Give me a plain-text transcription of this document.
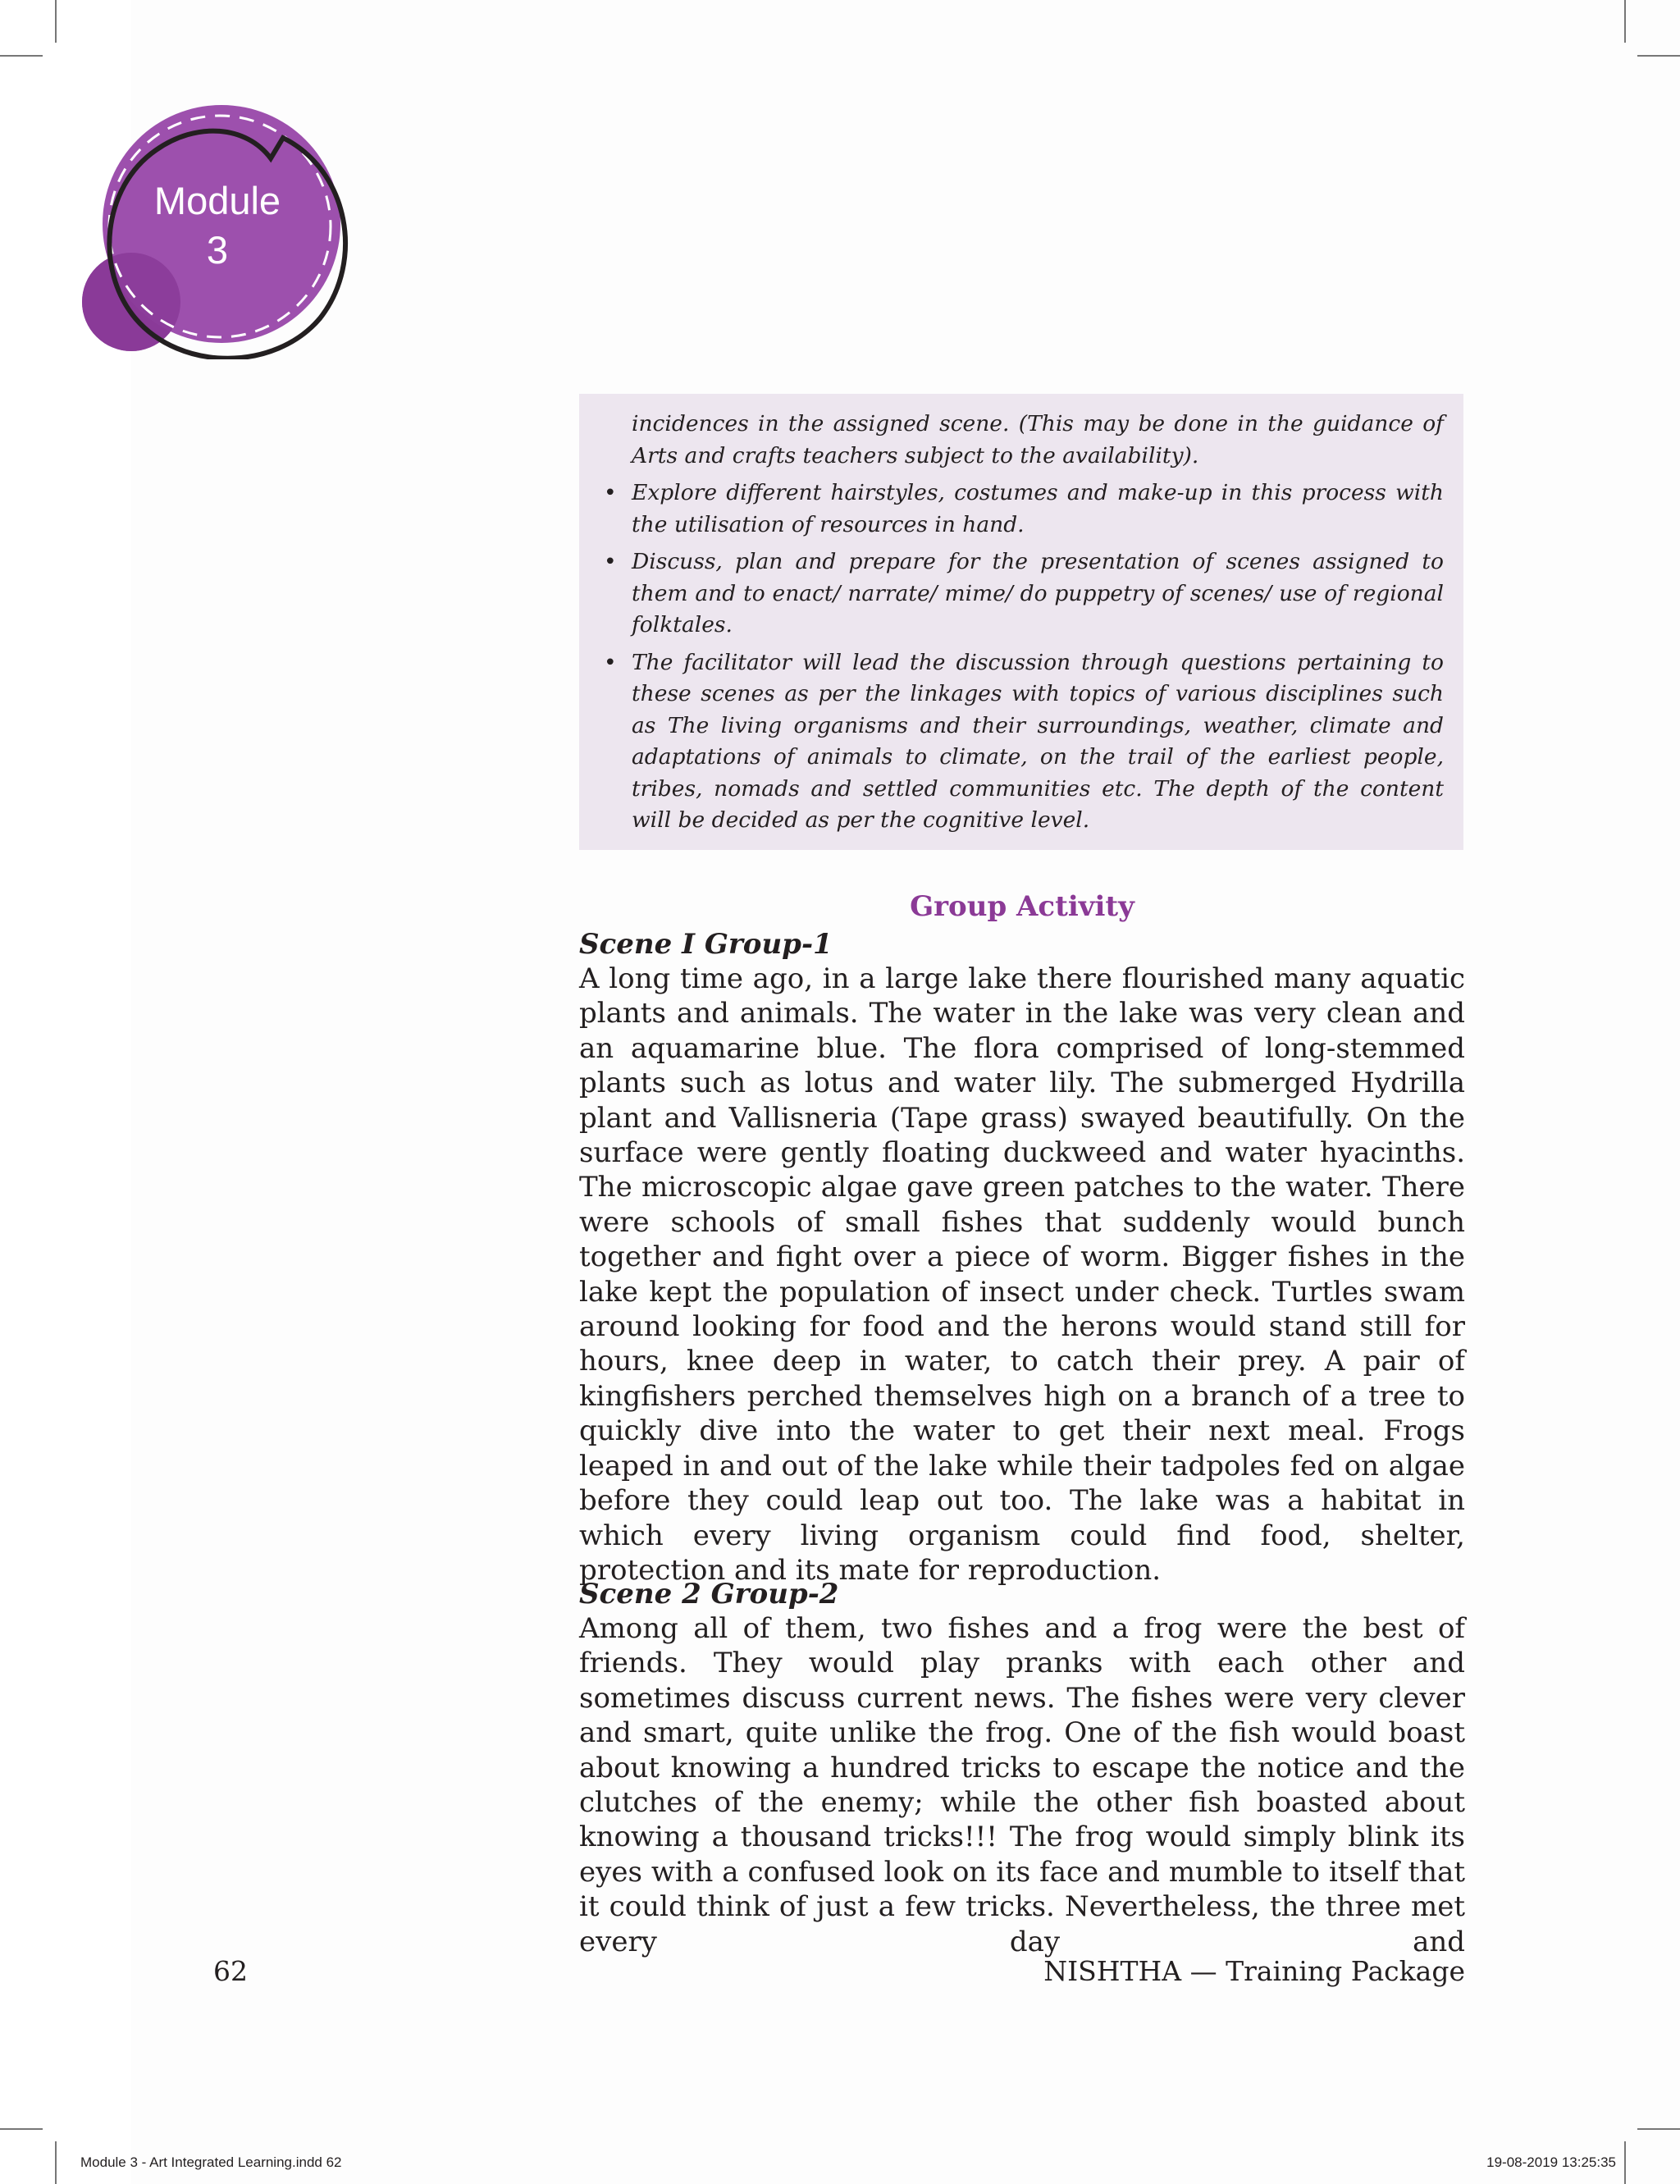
Module
3

incidences in the assigned scene. (This may be done in the guidance of Arts and crafts teachers subject to the availability).

• Explore different hairstyles, costumes and make-up in this process with the utilisation of resources in hand.
• Discuss, plan and prepare for the presentation of scenes assigned to them and to enact/ narrate/ mime/ do puppetry of scenes/ use of regional folktales.
• The facilitator will lead the discussion through questions pertaining to these scenes as per the linkages with topics of various disciplines such as The living organisms and their surroundings, weather, climate and adaptations of animals to climate, on the trail of the earliest people, tribes, nomads and settled communities etc. The depth of the content will be decided as per the cognitive level.
Group Activity
Scene I Group-1

A long time ago, in a large lake there flourished many aquatic plants and animals. The water in the lake was very clean and an aquamarine blue. The flora comprised of long-stemmed plants such as lotus and water lily. The submerged Hydrilla plant and Vallisneria (Tape grass) swayed beautifully. On the surface were gently floating duckweed and water hyacinths. The microscopic algae gave green patches to the water. There were schools of small fishes that suddenly would bunch together and fight over a piece of worm. Bigger fishes in the lake kept the population of insect under check. Turtles swam around looking for food and the herons would stand still for hours, knee deep in water, to catch their prey. A pair of kingfishers perched themselves high on a branch of a tree to quickly dive into the water to get their next meal. Frogs leaped in and out of the lake while their tadpoles fed on algae before they could leap out too. The lake was a habitat in which every living organism could find food, shelter, protection and its mate for reproduction.

Scene 2 Group-2

Among all of them, two fishes and a frog were the best of friends. They would play pranks with each other and sometimes discuss current news. The fishes were very clever and smart, quite unlike the frog. One of the fish would boast about knowing a hundred tricks to escape the notice and the clutches of the enemy; while the other fish boasted about knowing a thousand tricks!!! The frog would simply blink its eyes with a confused look on its face and mumble to itself that it could think of just a few tricks. Nevertheless, the three met every day and

62	NISHTHA — Training Package
Module 3 - Art Integrated Learning.indd 62	19-08-2019 13:25:35
